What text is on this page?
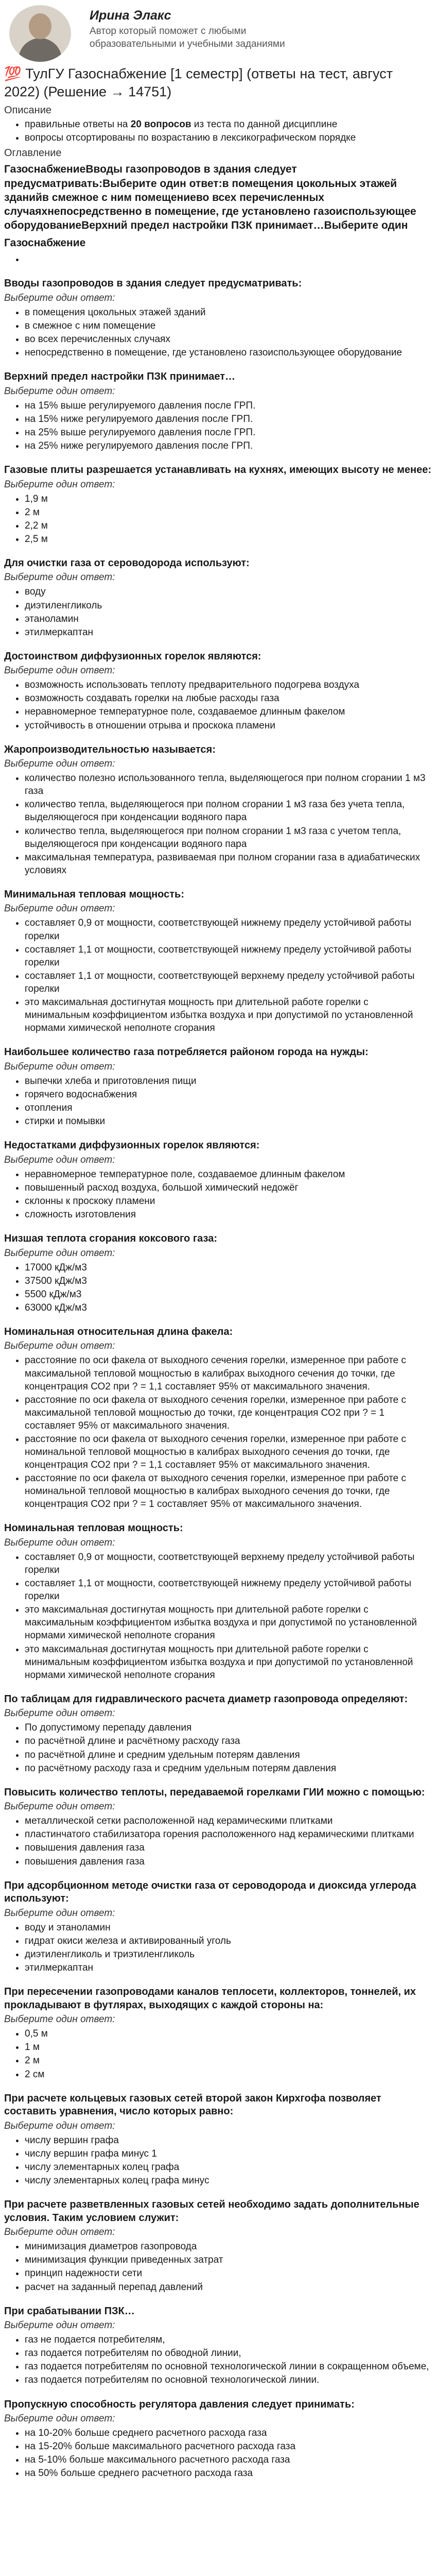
Ирина Элакс
Автор который поможет с любыми образовательными и учебными заданиями
💯 ТулГУ Газоснабжение [1 семестр] (ответы на тест, август 2022) (Решение → 14751)
Описание
• правильные ответы на 20 вопросов из теста по данной дисциплине
• вопросы отсортированы по возрастанию в лексикографическом порядке
Оглавление
ГазоснабжениеВводы газопроводов в здания следует предусматривать:Выберите один ответ:в помещения цокольных этажей зданийв смежное с ним помещениево всех перечисленных случаяхнепосредственно в помещение, где установлено газоиспользующее оборудованиеВерхний предел настройки ПЗК принимает…Выберите один
Газоснабжение
•
Вводы газопроводов в здания следует предусматривать:
Выберите один ответ:
• в помещения цокольных этажей зданий
• в смежное с ним помещение
• во всех перечисленных случаях
• непосредственно в помещение, где установлено газоиспользующее оборудование
Верхний предел настройки ПЗК принимает…
Выберите один ответ:
• на 15% выше регулируемого давления после ГРП.
• на 15% ниже регулируемого давления после ГРП.
• на 25% выше регулируемого давления после ГРП.
• на 25% ниже регулируемого давления после ГРП.
Газовые плиты разрешается устанавливать на кухнях, имеющих высоту не менее:
Выберите один ответ:
• 1,9 м
• 2 м
• 2,2 м
• 2,5 м
Для очистки газа от сероводорода используют:
Выберите один ответ:
• воду
• диэтиленгликоль
• этаноламин
• этилмеркаптан
Достоинством диффузионных горелок являются:
Выберите один ответ:
• возможность использовать теплоту предварительного подогрева воздуха
• возможность создавать горелки на любые расходы газа
• неравномерное температурное поле, создаваемое длинным факелом
• устойчивость в отношении отрыва и проскока пламени
Жаропроизводительностью называется:
Выберите один ответ:
• количество полезно использованного тепла, выделяющегося при полном сгорании 1 м3 газа
• количество тепла, выделяющегося при полном сгорании 1 м3 газа без учета тепла, выделяющегося при конденсации водяного пара
• количество тепла, выделяющегося при полном сгорании 1 м3 газа с учетом тепла, выделяющегося при конденсации водяного пара
• максимальная температура, развиваемая при полном сгорании газа в адиабатических условиях
Минимальная тепловая мощность:
Выберите один ответ:
• составляет 0,9 от мощности, соответствующей нижнему пределу устойчивой работы горелки
• составляет 1,1 от мощности, соответствующей нижнему пределу устойчивой работы горелки
• составляет 1,1 от мощности, соответствующей верхнему пределу устойчивой работы горелки
• это максимальная достигнутая мощность при длительной работе горелки с минимальным коэффициентом избытка воздуха и при допустимой по установленной нормами химической неполноте сгорания
Наибольшее количество газа потребляется районом города на нужды:
Выберите один ответ:
• выпечки хлеба и приготовления пищи
• горячего водоснабжения
• отопления
• стирки и помывки
Недостатками диффузионных горелок являются:
Выберите один ответ:
• неравномерное температурное поле, создаваемое длинным факелом
• повышенный расход воздуха, большой химический недожёг
• склонны к проскоку пламени
• сложность изготовления
Низшая теплота сгорания коксового газа:
Выберите один ответ:
• 17000 кДж/м3
• 37500 кДж/м3
• 5500 кДж/м3
• 63000 кДж/м3
Номинальная относительная длина факела:
Выберите один ответ:
• расстояние по оси факела от выходного сечения горелки, измеренное при работе с максимальной тепловой мощностью в калибрах выходного сечения до точки, где концентрация СО2 при ? = 1,1 составляет 95% от максимального значения.
• расстояние по оси факела от выходного сечения горелки, измеренное при работе с максимальной тепловой мощностью до точки, где концентрация СО2 при ? = 1 составляет 95% от максимального значения.
• расстояние по оси факела от выходного сечения горелки, измеренное при работе с номинальной тепловой мощностью в калибрах выходного сечения до точки, где концентрация СО2 при ? = 1,1 составляет 95% от максимального значения.
• расстояние по оси факела от выходного сечения горелки, измеренное при работе с номинальной тепловой мощностью в калибрах выходного сечения до точки, где концентрация СО2 при ? = 1 составляет 95% от максимального значения.
Номинальная тепловая мощность:
Выберите один ответ:
• составляет 0,9 от мощности, соответствующей верхнему пределу устойчивой работы горелки
• составляет 1,1 от мощности, соответствующей нижнему пределу устойчивой работы горелки
• это максимальная достигнутая мощность при длительной работе горелки с максимальным коэффициентом избытка воздуха и при допустимой по установленной нормами химической неполноте сгорания
• это максимальная достигнутая мощность при длительной работе горелки с минимальным коэффициентом избытка воздуха и при допустимой по установленной нормами химической неполноте сгорания
По таблицам для гидравлического расчета диаметр газопровода определяют:
Выберите один ответ:
• По допустимому перепаду давления
• по расчётной длине и расчётному расходу газа
• по расчётной длине и средним удельным потерям давления
• по расчётному расходу газа и средним удельным потерям давления
Повысить количество теплоты, передаваемой горелками ГИИ можно с помощью:
Выберите один ответ:
• металлической сетки расположенной над керамическими плитками
• пластинчатого стабилизатора горения расположенного над керамическими плитками
• повышения давления газа
• повышения давления газа
При адсорбционном методе очистки газа от сероводорода и диоксида углерода используют:
Выберите один ответ:
• воду и этаноламин
• гидрат окиси железа и активированный уголь
• диэтиленгликоль и триэтиленгликоль
• этилмеркаптан
При пересечении газопроводами каналов теплосети, коллекторов, тоннелей, их прокладывают в футлярах, выходящих с каждой стороны на:
Выберите один ответ:
• 0,5 м
• 1 м
• 2 м
• 2 см
При расчете кольцевых газовых сетей второй закон Кирхгофа позволяет составить уравнения, число которых равно:
Выберите один ответ:
• числу вершин графа
• числу вершин графа минус 1
• числу элементарных колец графа
• числу элементарных колец графа минус
При расчете разветвленных газовых сетей необходимо задать дополнительные условия. Таким условием служит:
Выберите один ответ:
• минимизация диаметров газопровода
• минимизация функции приведенных затрат
• принцип надежности сети
• расчет на заданный перепад давлений
При срабатывании ПЗК…
Выберите один ответ:
• газ не подается потребителям,
• газ подается потребителям по обводной линии,
• газ подается потребителям по основной технологической линии в сокращенном объеме,
• газ подается потребителям по основной технологической линии.
Пропускную способность регулятора давления следует принимать:
Выберите один ответ:
• на 10-20% больше среднего расчетного расхода газа
• на 15-20% больше максимального расчетного расхода газа
• на 5-10% больше максимального расчетного расхода газа
• на 50% больше среднего расчетного расхода газа
